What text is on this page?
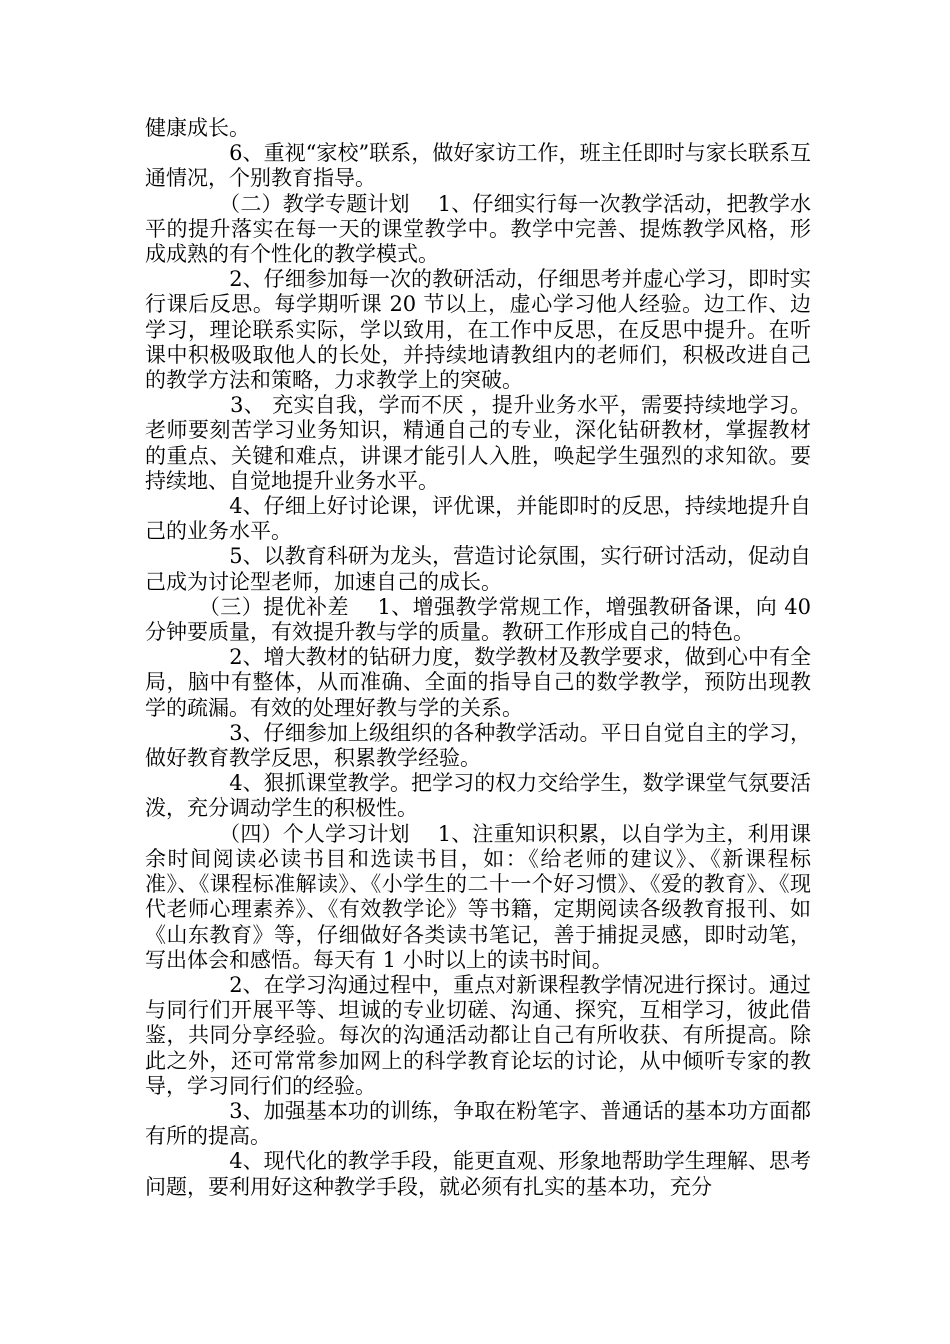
健康成长。

　　　　6、重视“家校”联系，做好家访工作，班主任即时与家长联系互通情况，个别教育指导。

　　　　（二）教学专题计划　 1、仔细实行每一次教学活动，把教学水平的提升落实在每一天的课堂教学中。教学中完善、提炼教学风格，形成成熟的有个性化的教学模式。

　　　　2、仔细参加每一次的教研活动，仔细思考并虚心学习，即时实行课后反思。每学期听课 20 节以上，虚心学习他人经验。边工作、边学习，理论联系实际，学以致用，在工作中反思，在反思中提升。在听课中积极吸取他人的长处，并持续地请教组内的老师们，积极改进自己的教学方法和策略，力求教学上的突破。

　　　　3、 充实自我，学而不厌 ，提升业务水平，需要持续地学习。老师要刻苦学习业务知识，精通自己的专业，深化钻研教材，掌握教材的重点、关键和难点，讲课才能引人入胜，唤起学生强烈的求知欲。要持续地、自觉地提升业务水平。

　　　　4、仔细上好讨论课，评优课，并能即时的反思，持续地提升自己的业务水平。

　　　　5、以教育科研为龙头，营造讨论氛围，实行研讨活动，促动自己成为讨论型老师，加速自己的成长。

　　　（三）提优补差　 1、增强教学常规工作，增强教研备课，向 40 分钟要质量，有效提升教与学的质量。教研工作形成自己的特色。

　　　　2、增大教材的钻研力度，数学教材及教学要求，做到心中有全局，脑中有整体，从而准确、全面的指导自己的数学教学，预防出现教学的疏漏。有效的处理好教与学的关系。

　　　　3、仔细参加上级组织的各种教学活动。平日自觉自主的学习，做好教育教学反思，积累教学经验。

　　　　4、狠抓课堂教学。把学习的权力交给学生，数学课堂气氛要活泼，充分调动学生的积极性。

　　　　（四）个人学习计划　 1、注重知识积累，以自学为主，利用课余时间阅读必读书目和选读书目，如：《给老师的建议》、《新课程标准》、《课程标准解读》、《小学生的二十一个好习惯》、《爱的教育》、《现代老师心理素养》、《有效教学论》等书籍，定期阅读各级教育报刊、如《山东教育》等，仔细做好各类读书笔记，善于捕捉灵感，即时动笔，写出体会和感悟。每天有 1 小时以上的读书时间。

　　　　2、在学习沟通过程中，重点对新课程教学情况进行探讨。通过与同行们开展平等、坦诚的专业切磋、沟通、探究，互相学习，彼此借鉴，共同分享经验。每次的沟通活动都让自己有所收获、有所提高。除此之外，还可常常参加网上的科学教育论坛的讨论，从中倾听专家的教导，学习同行们的经验。

　　　　3、加强基本功的训练，争取在粉笔字、普通话的基本功方面都有所的提高。

　　　　4、现代化的教学手段，能更直观、形象地帮助学生理解、思考问题，要利用好这种教学手段，就必须有扎实的基本功，充分
